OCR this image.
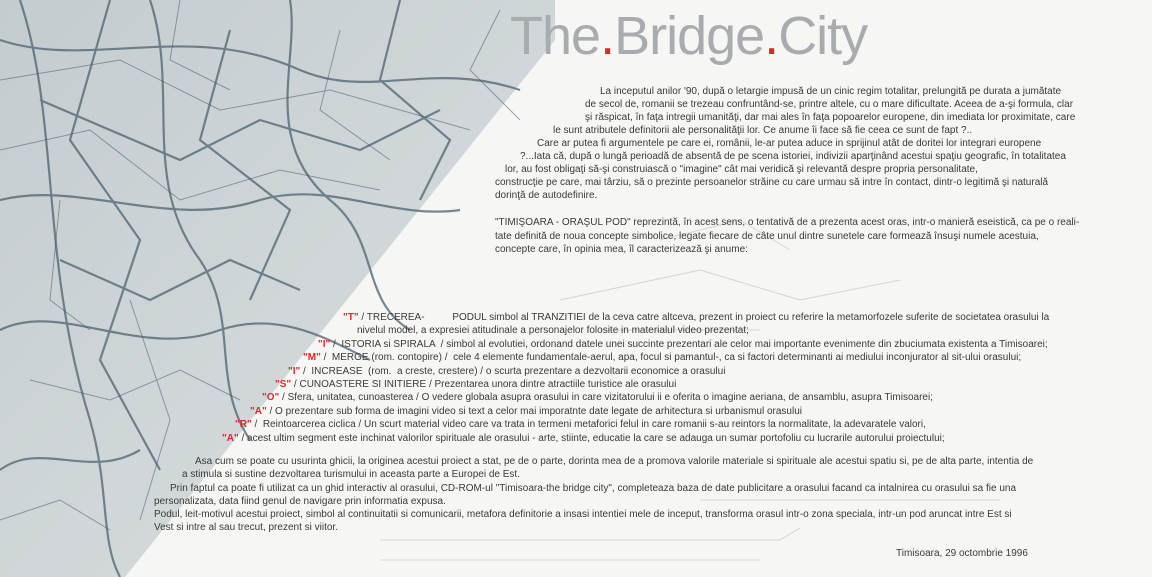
The.Bridge.City
La inceputul anilor '90, după o letargie impusă de un cinic regim totalitar, prelungită pe durata a jumătate
de secol de, romanii se trezeau confruntând-se, printre altele, cu o mare dificultate. Aceea de a-şi formula, clar
şi răspicat, în faţa intregii umanităţi, dar mai ales în faţa popoarelor europene, din imediata lor proximitate, care
le sunt atributele definitorii ale personalităţii lor. Ce anume îi face să fie ceea ce sunt de fapt ?..
Care ar putea fi argumentele pe care ei, românii, le-ar putea aduce in sprijinul atât de doritei lor integrari europene
?...Iata că, după o lungă perioadă de absentă de pe scena istoriei, indivizii aparţinând acestui spaţiu geografic, în totalitatea
lor, au fost obligaţi să-şi construiască o "imagine" cât mai veridică şi relevantă despre propria personalitate,
construcţie pe care, mai târziu, să o prezinte persoanelor străine cu care urmau să intre în contact, dintr-o legitimă şi naturală
dorinţă de autodefinire.
"TIMIŞOARA - ORAŞUL POD" reprezintă, în acest sens, o tentativă de a prezenta acest oras, intr-o manieră eseistică, ca pe o reali-
tate definită de noua concepte simbolice, legate fiecare de câte unul dintre sunetele care formează însuşi numele acestuia,
concepte care, în opinia mea, îl caracterizează şi anume:
"T" / TRECEREA-          PODUL simbol al TRANZITIEI de la ceva catre altceva, prezent in proiect cu referire la metamorfozele suferite de societatea orasului la
nivelul model, a expresiei atitudinale a personajelor folosite in materialul video prezentat;
"I" /  ISTORIA si SPIRALA  / simbol al evolutiei, ordonand datele unei succinte prezentari ale celor mai importante evenimente din zbuciumata existenta a Timisoarei;
"M" /  MERGE (rom. contopire) /  cele 4 elemente fundamentale-aerul, apa, focul si pamantul-, ca si factori determinanti ai mediului inconjurator al sit-ului orasului;
"I" /  INCREASE  (rom.  a creste, crestere) / o scurta prezentare a dezvoltarii economice a orasului
"S" / CUNOASTERE SI INITIERE / Prezentarea unora dintre atractiile turistice ale orasului
"O" / Sfera, unitatea, cunoasterea / O vedere globala asupra orasului in care vizitatorului ii e oferita o imagine aeriana, de ansamblu, asupra Timisoarei;
"A" / O prezentare sub forma de imagini video si text a celor mai imporatnte date legate de arhitectura si urbanismul orasului
"R" /  Reintoarcerea ciclica / Un scurt material video care va trata in termeni metaforici felul in care romanii s-au reintors la normalitate, la adevaratele valori,
"A" / acest ultim segment este inchinat valorilor spirituale ale orasului - arte, stiinte, educatie la care se adauga un sumar portofoliu cu lucrarile autorului proiectului;
Asa cum se poate cu usurinta ghicii, la originea acestui proiect a stat, pe de o parte, dorinta mea de a promova valorile materiale si spirituale ale acestui spatiu si, pe de alta parte, intentia de
a stimula si sustine dezvoltarea turismului in aceasta parte a Europei de Est.
Prin faptul ca poate fi utilizat ca un ghid interactiv al orasului, CD-ROM-ul "Timisoara-the bridge city", completeaza baza de date publicitare a orasului facand ca intalnirea cu orasului sa fie una
personalizata, data fiind genul de navigare prin informatia expusa.
Podul, leit-motivul acestui proiect, simbol al continuitatii si comunicarii, metafora definitorie a insasi intentiei mele de inceput, transforma orasul intr-o zona speciala, intr-un pod aruncat intre Est si
Vest si intre al sau trecut, prezent si viitor.
Timisoara, 29 octombrie 1996
